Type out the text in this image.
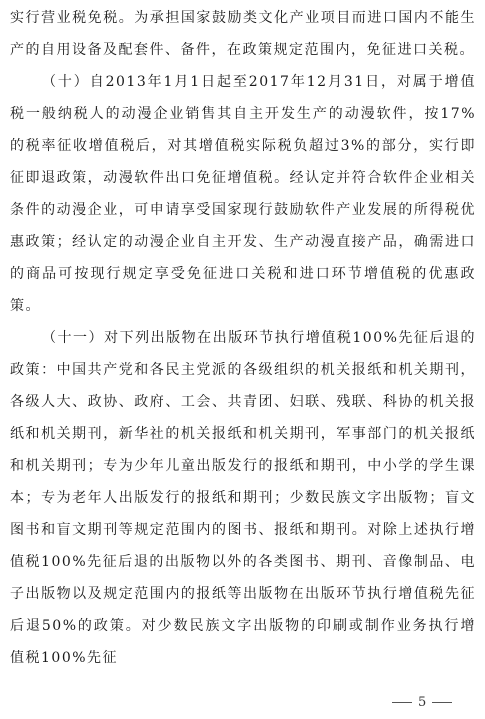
实行营业税免税。为承担国家鼓励类文化产业项目而进口国内不能生产的自用设备及配套件、备件，在政策规定范围内，免征进口关税。

（十）自2013年1月1日起至2017年12月31日，对属于增值税一般纳税人的动漫企业销售其自主开发生产的动漫软件，按17%的税率征收增值税后，对其增值税实际税负超过3%的部分，实行即征即退政策，动漫软件出口免征增值税。经认定并符合软件企业相关条件的动漫企业，可申请享受国家现行鼓励软件产业发展的所得税优惠政策；经认定的动漫企业自主开发、生产动漫直接产品，确需进口的商品可按现行规定享受免征进口关税和进口环节增值税的优惠政策。

（十一）对下列出版物在出版环节执行增值税100%先征后退的政策：中国共产党和各民主党派的各级组织的机关报纸和机关期刊，各级人大、政协、政府、工会、共青团、妇联、残联、科协的机关报纸和机关期刊，新华社的机关报纸和机关期刊，军事部门的机关报纸和机关期刊；专为少年儿童出版发行的报纸和期刊，中小学的学生课本；专为老年人出版发行的报纸和期刊；少数民族文字出版物；盲文图书和盲文期刊等规定范围内的图书、报纸和期刊。对除上述执行增值税100%先征后退的出版物以外的各类图书、期刊、音像制品、电子出版物以及规定范围内的报纸等出版物在出版环节执行增值税先征后退50%的政策。对少数民族文字出版物的印刷或制作业务执行增值税100%先征

5
